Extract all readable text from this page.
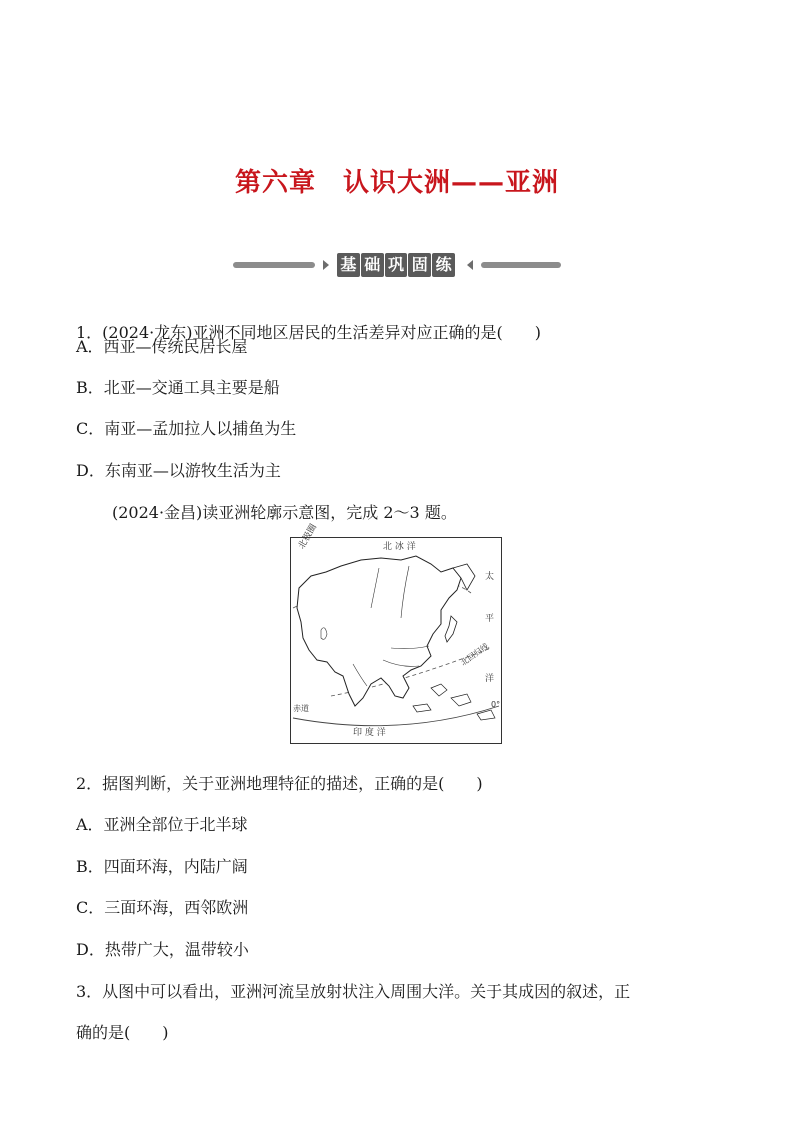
第六章　认识大洲——亚洲
基 础 巩 固 练
1．(2024·龙东)亚洲不同地区居民的生活差异对应正确的是(　　)
A．西亚—传统民居长屋
B．北亚—交通工具主要是船
C．南亚—孟加拉人以捕鱼为生
D．东南亚—以游牧生活为主
(2024·金昌)读亚洲轮廓示意图，完成 2～3 题。
北极圈	北 冰 洋
太
平
洋
北回归线
赤道	0°
印 度 洋
2．据图判断，关于亚洲地理特征的描述，正确的是(　　)
A．亚洲全部位于北半球
B．四面环海，内陆广阔
C．三面环海，西邻欧洲
D．热带广大，温带较小
3．从图中可以看出，亚洲河流呈放射状注入周围大洋。关于其成因的叙述，正
确的是(　　)
